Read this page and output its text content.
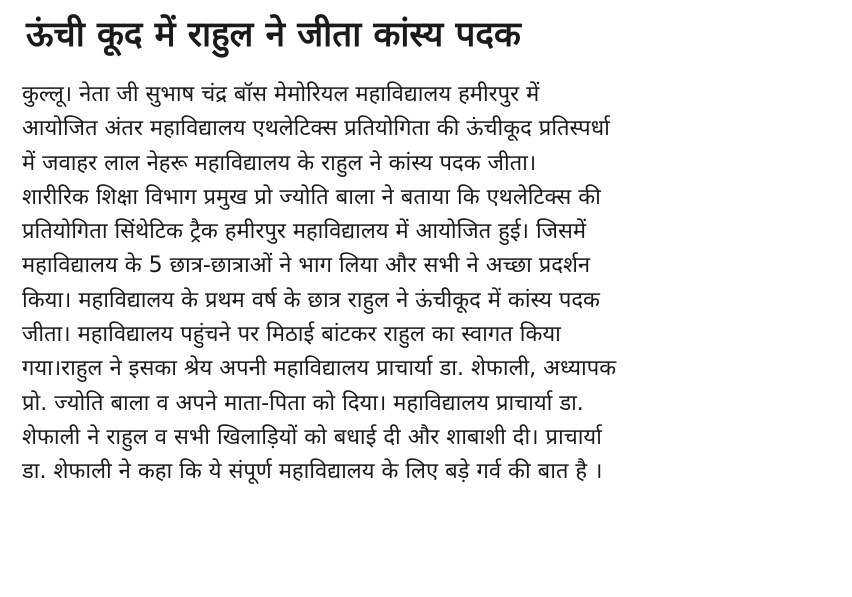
ऊंची कूद में राहुल ने जीता कांस्य पदक
कुल्लू। नेता जी सुभाष चंद्र बॉस मेमोरियल महाविद्यालय हमीरपुर में
आयोजित अंतर महाविद्यालय एथलेटिक्स प्रतियोगिता की ऊंचीकूद प्रतिस्पर्धा
में जवाहर लाल नेहरू महाविद्यालय के राहुल ने कांस्य पदक जीता।
शारीरिक शिक्षा विभाग प्रमुख प्रो ज्योति बाला ने बताया कि एथलेटिक्स की
प्रतियोगिता सिंथेटिक ट्रैक हमीरपुर महाविद्यालय में आयोजित हुई। जिसमें
महाविद्यालय के 5 छात्र-छात्राओं ने भाग लिया और सभी ने अच्छा प्रदर्शन
किया। महाविद्यालय के प्रथम वर्ष के छात्र राहुल ने ऊंचीकूद में कांस्य पदक
जीता। महाविद्यालय पहुंचने पर मिठाई बांटकर राहुल का स्वागत किया
गया।राहुल ने इसका श्रेय अपनी महाविद्यालय प्राचार्या डा. शेफाली, अध्यापक
प्रो. ज्योति बाला व अपने माता-पिता को दिया। महाविद्यालय प्राचार्या डा.
शेफाली ने राहुल व सभी खिलाड़ियों को बधाई दी और शाबाशी दी। प्राचार्या
डा. शेफाली ने कहा कि ये संपूर्ण महाविद्यालय के लिए बड़े गर्व की बात है ।
